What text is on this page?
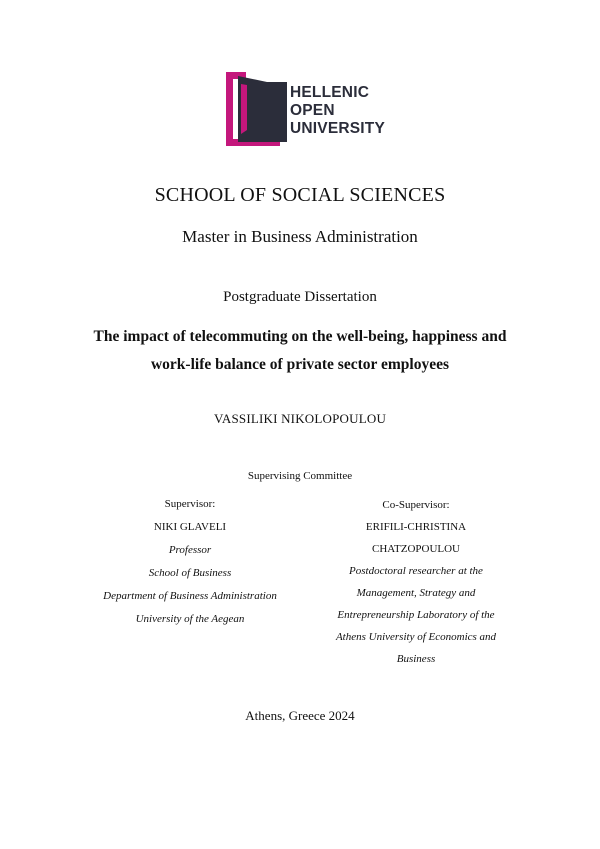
HELLENIC
OPEN
UNIVERSITY
SCHOOL OF SOCIAL SCIENCES
Master in Business Administration
Postgraduate Dissertation
The impact of telecommuting on the well-being, happiness and
work-life balance of private sector employees
VASSILIKI NIKOLOPOULOU
Supervising Committee
Supervisor:
NIKI GLAVELI
Professor
School of Business
Department of Business Administration
University of the Aegean
Co-Supervisor:
ERIFILI-CHRISTINA
CHATZOPOULOU
Postdoctoral researcher at the
Management, Strategy and
Entrepreneurship Laboratory of the
Athens University of Economics and
Business
Athens, Greece 2024
